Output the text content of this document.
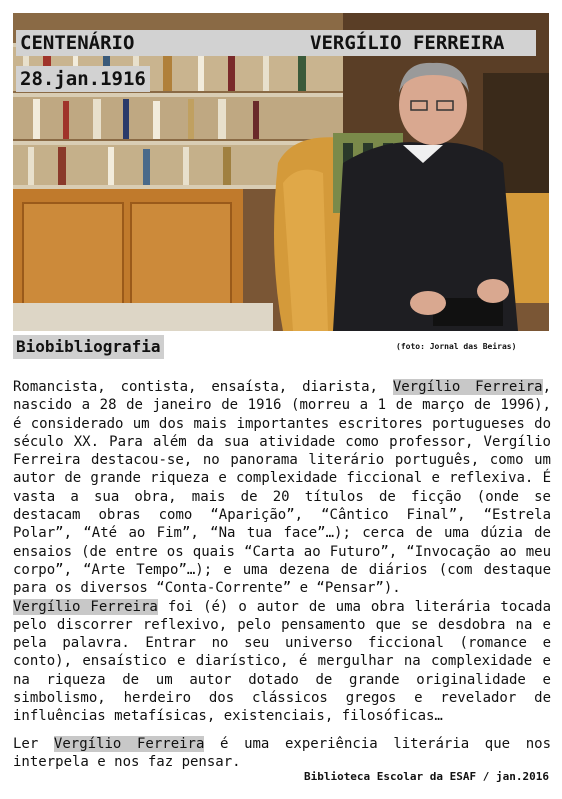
CENTENÁRIO	VERGÍLIO FERREIRA
28.jan.1916
Biobibliografia	(foto: Jornal das Beiras)

Romancista, contista, ensaísta, diarista, Vergílio Ferreira, nascido a 28 de janeiro de 1916 (morreu a 1 de março de 1996), é considerado um dos mais importantes escritores portugueses do século XX. Para além da sua atividade como professor, Vergílio Ferreira destacou-se, no panorama literário português, como um autor de grande riqueza e complexidade ficcional e reflexiva. É vasta a sua obra, mais de 20 títulos de ficção (onde se destacam obras como “Aparição”, “Cântico Final”, “Estrela Polar”, “Até ao Fim”, “Na tua face”…); cerca de uma dúzia de ensaios (de entre os quais “Carta ao Futuro”, “Invocação ao meu corpo”, “Arte Tempo”…); e uma dezena de diários (com destaque para os diversos “Conta-Corrente” e “Pensar”).

Vergílio Ferreira foi (é) o autor de uma obra literária tocada pelo discorrer reflexivo, pelo pensamento que se desdobra na e pela palavra. Entrar no seu universo ficcional (romance e conto), ensaístico e diarístico, é mergulhar na complexidade e na riqueza de um autor dotado de grande originalidade e simbolismo, herdeiro dos clássicos gregos e revelador de influências metafísicas, existenciais, filosóficas…

Ler Vergílio Ferreira é uma experiência literária que nos interpela e nos faz pensar.

Biblioteca Escolar da ESAF / jan.2016
